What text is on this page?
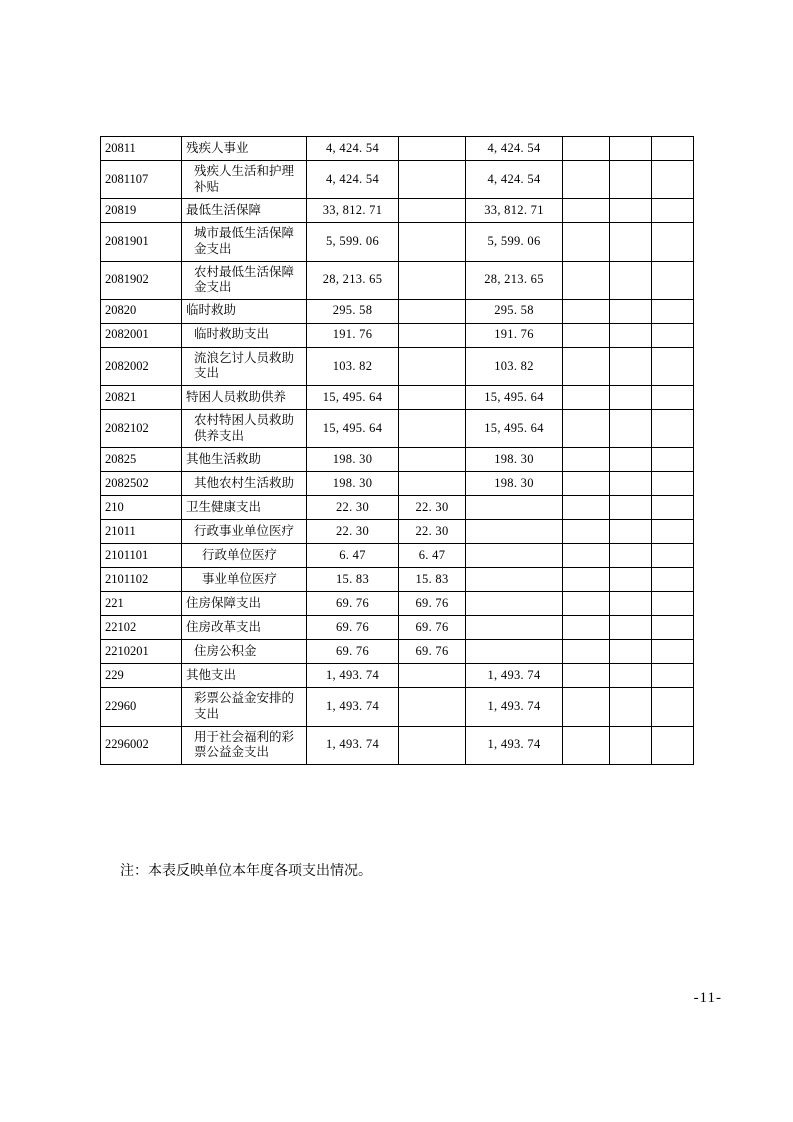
20811	残疾人事业	4, 424. 54		4, 424. 54			
2081107	残疾人生活和护理补贴	4, 424. 54		4, 424. 54			
20819	最低生活保障	33, 812. 71		33, 812. 71			
2081901	城市最低生活保障金支出	5, 599. 06		5, 599. 06			
2081902	农村最低生活保障金支出	28, 213. 65		28, 213. 65			
20820	临时救助	295. 58		295. 58			
2082001	临时救助支出	191. 76		191. 76			
2082002	流浪乞讨人员救助支出	103. 82		103. 82			
20821	特困人员救助供养	15, 495. 64		15, 495. 64			
2082102	农村特困人员救助供养支出	15, 495. 64		15, 495. 64			
20825	其他生活救助	198. 30		198. 30			
2082502	其他农村生活救助	198. 30		198. 30			
210	卫生健康支出	22. 30	22. 30				
21011	行政事业单位医疗	22. 30	22. 30				
2101101	行政单位医疗	6. 47	6. 47				
2101102	事业单位医疗	15. 83	15. 83				
221	住房保障支出	69. 76	69. 76				
22102	住房改革支出	69. 76	69. 76				
2210201	住房公积金	69. 76	69. 76				
229	其他支出	1, 493. 74		1, 493. 74			
22960	彩票公益金安排的支出	1, 493. 74		1, 493. 74			
2296002	用于社会福利的彩票公益金支出	1, 493. 74		1, 493. 74			
注：本表反映单位本年度各项支出情况。
-11-
